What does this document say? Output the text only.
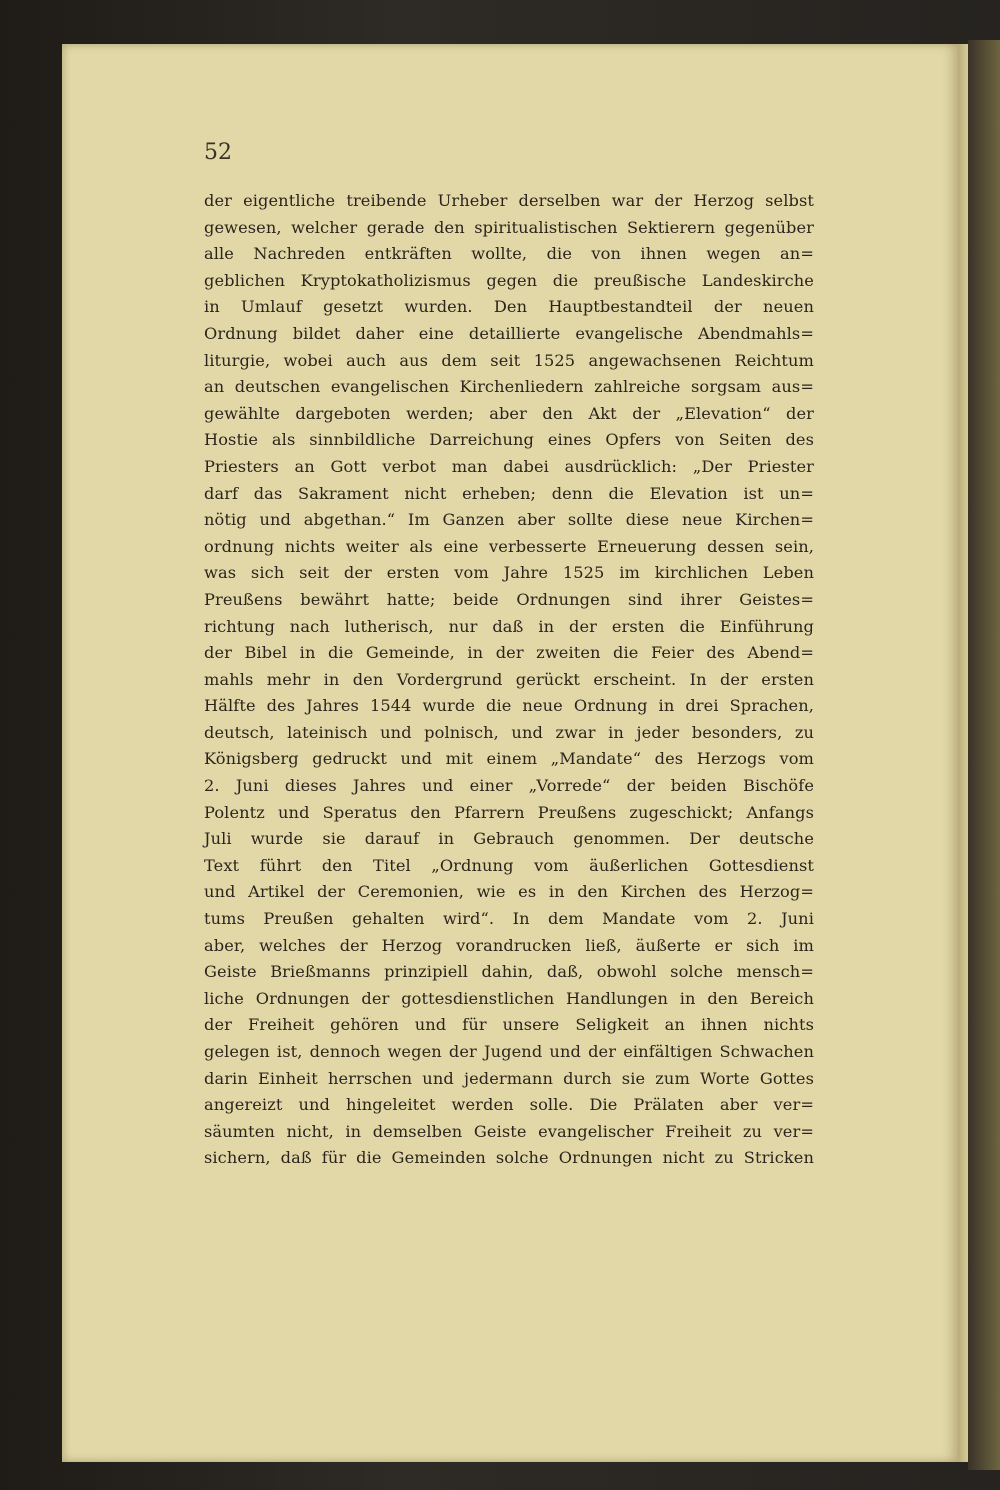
52
der eigentliche treibende Urheber derselben war der Herzog selbst
gewesen, welcher gerade den spiritualistischen Sektierern gegenüber
alle Nachreden entkräften wollte, die von ihnen wegen an=
geblichen Kryptokatholizismus gegen die preußische Landeskirche
in Umlauf gesetzt wurden. Den Hauptbestandteil der neuen
Ordnung bildet daher eine detaillierte evangelische Abendmahls=
liturgie, wobei auch aus dem seit 1525 angewachsenen Reichtum
an deutschen evangelischen Kirchenliedern zahlreiche sorgsam aus=
gewählte dargeboten werden; aber den Akt der „Elevation“ der
Hostie als sinnbildliche Darreichung eines Opfers von Seiten des
Priesters an Gott verbot man dabei ausdrücklich: „Der Priester
darf das Sakrament nicht erheben; denn die Elevation ist un=
nötig und abgethan.“ Im Ganzen aber sollte diese neue Kirchen=
ordnung nichts weiter als eine verbesserte Erneuerung dessen sein,
was sich seit der ersten vom Jahre 1525 im kirchlichen Leben
Preußens bewährt hatte; beide Ordnungen sind ihrer Geistes=
richtung nach lutherisch, nur daß in der ersten die Einführung
der Bibel in die Gemeinde, in der zweiten die Feier des Abend=
mahls mehr in den Vordergrund gerückt erscheint. In der ersten
Hälfte des Jahres 1544 wurde die neue Ordnung in drei Sprachen,
deutsch, lateinisch und polnisch, und zwar in jeder besonders, zu
Königsberg gedruckt und mit einem „Mandate“ des Herzogs vom
2. Juni dieses Jahres und einer „Vorrede“ der beiden Bischöfe
Polentz und Speratus den Pfarrern Preußens zugeschickt; Anfangs
Juli wurde sie darauf in Gebrauch genommen. Der deutsche
Text führt den Titel „Ordnung vom äußerlichen Gottesdienst
und Artikel der Ceremonien, wie es in den Kirchen des Herzog=
tums Preußen gehalten wird“. In dem Mandate vom 2. Juni
aber, welches der Herzog vorandrucken ließ, äußerte er sich im
Geiste Brießmanns prinzipiell dahin, daß, obwohl solche mensch=
liche Ordnungen der gottesdienstlichen Handlungen in den Bereich
der Freiheit gehören und für unsere Seligkeit an ihnen nichts
gelegen ist, dennoch wegen der Jugend und der einfältigen Schwachen
darin Einheit herrschen und jedermann durch sie zum Worte Gottes
angereizt und hingeleitet werden solle. Die Prälaten aber ver=
säumten nicht, in demselben Geiste evangelischer Freiheit zu ver=
sichern, daß für die Gemeinden solche Ordnungen nicht zu Stricken
